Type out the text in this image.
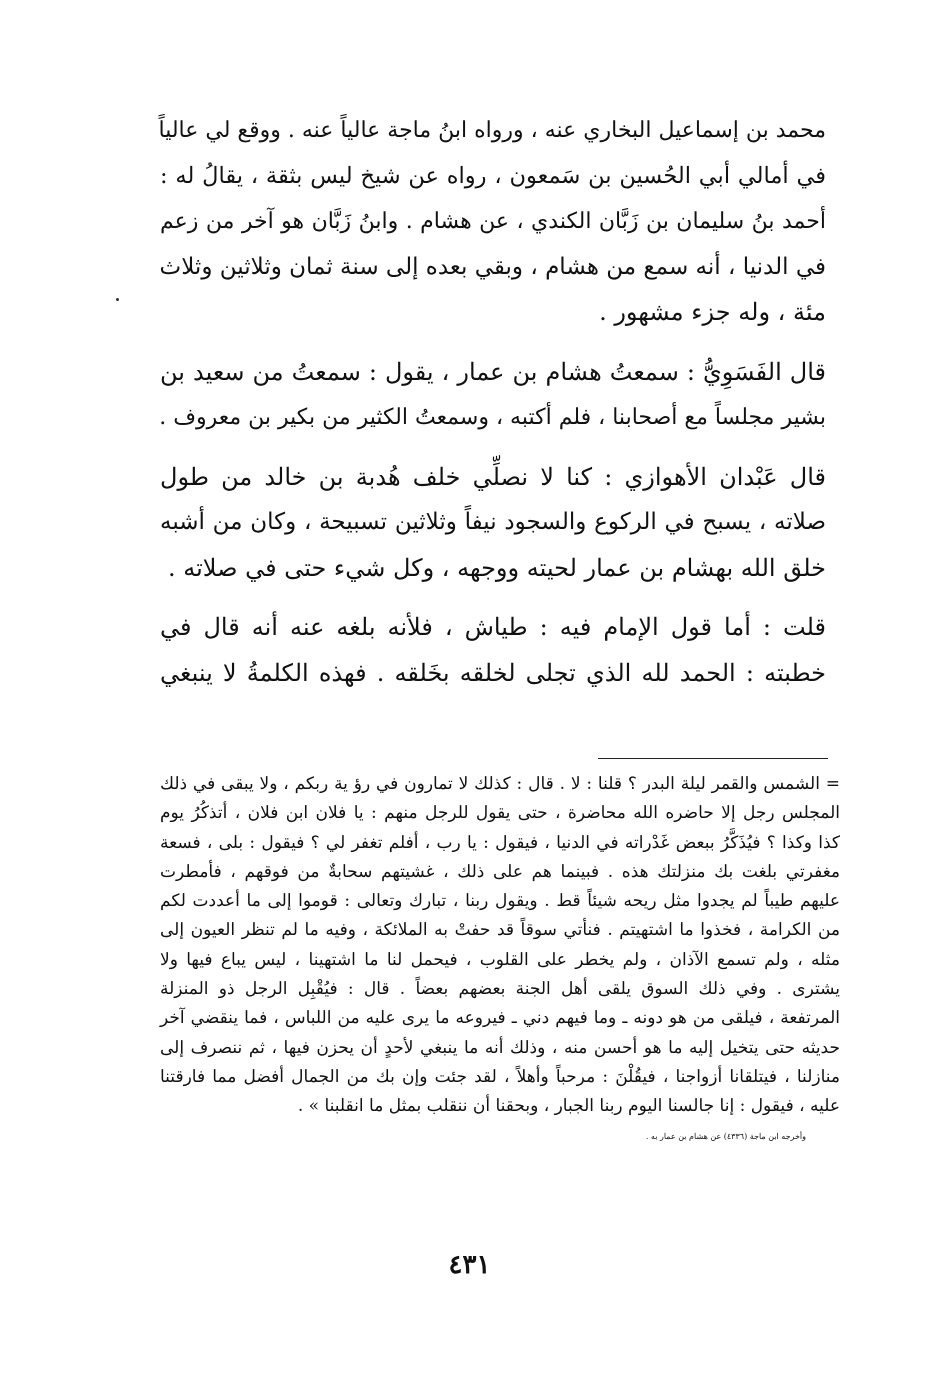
محمد بن إسماعيل البخاري عنه ، ورواه ابنُ ماجة عالياً عنه . ووقع لي عالياً
في أمالي أبي الحُسين بن سَمعون ، رواه عن شيخ ليس بثقة ، يقالُ له :
أحمد بنُ سليمان بن زَبَّان الكندي ، عن هشام . وابنُ زَبَّان هو آخر من زعم
في الدنيا ، أنه سمع من هشام ، وبقي بعده إلى سنة ثمان وثلاثين وثلاث
مئة ، وله جزء مشهور .

قال الفَسَوِيُّ : سمعتُ هشام بن عمار ، يقول : سمعتُ من سعيد بن
بشير مجلساً مع أصحابنا ، فلم أكتبه ، وسمعتُ الكثير من بكير بن معروف .

قال عَبْدان الأهوازي : كنا لا نصلِّي خلف هُدبة بن خالد من طول
صلاته ، يسبح في الركوع والسجود نيفاً وثلاثين تسبيحة ، وكان من أشبه
خلق الله بهشام بن عمار لحيته ووجهه ، وكل شيء حتى في صلاته .

قلت : أما قول الإمام فيه : طياش ، فلأنه بلغه عنه أنه قال في
خطبته : الحمد لله الذي تجلى لخلقه بخَلقه . فهذه الكلمةُ لا ينبغي

= الشمس والقمر ليلة البدر ؟ قلنا : لا . قال : كذلك لا تمارون في رؤ ية ربكم ، ولا يبقى في ذلك
المجلس رجل إلا حاضره الله محاضرة ، حتى يقول للرجل منهم : يا فلان ابن فلان ، أتذكُرُ يوم
كذا وكذا ؟ فيُذَكَّرُ ببعض غَدْراته في الدنيا ، فيقول : يا رب ، أفلم تغفر لي ؟ فيقول : بلى ، فسعة
مغفرتي بلغت بك منزلتك هذه . فبينما هم على ذلك ، غشيتهم سحابةٌ من فوقهم ، فأمطرت
عليهم طيباً لم يجدوا مثل ريحه شيئاً قط . ويقول ربنا ، تبارك وتعالى : قوموا إلى ما أعددت لكم
من الكرامة ، فخذوا ما اشتهيتم . فنأتي سوقاً قد حفتْ به الملائكة ، وفيه ما لم تنظر العيون إلى
مثله ، ولم تسمع الآذان ، ولم يخطر على القلوب ، فيحمل لنا ما اشتهينا ، ليس يباع فيها ولا
يشترى . وفي ذلك السوق يلقى أهل الجنة بعضهم بعضاً . قال : فيُقْبِل الرجل ذو المنزلة
المرتفعة ، فيلقى من هو دونه ـ وما فيهم دني ـ فيروعه ما يرى عليه من اللباس ، فما ينقضي آخر
حديثه حتى يتخيل إليه ما هو أحسن منه ، وذلك أنه ما ينبغي لأحدٍ أن يحزن فيها ، ثم ننصرف إلى
منازلنا ، فيتلقانا أزواجنا ، فيقُلْنَ : مرحباً وأهلاً ، لقد جئت وإن بك من الجمال أفضل مما فارقتنا
عليه ، فيقول : إنا جالسنا اليوم ربنا الجبار ، وبحقنا أن ننقلب بمثل ما انقلبنا » .
وأخرجه ابن ماجة (٤٣٣٦) عن هشام بن عمار به .
٤٣١
